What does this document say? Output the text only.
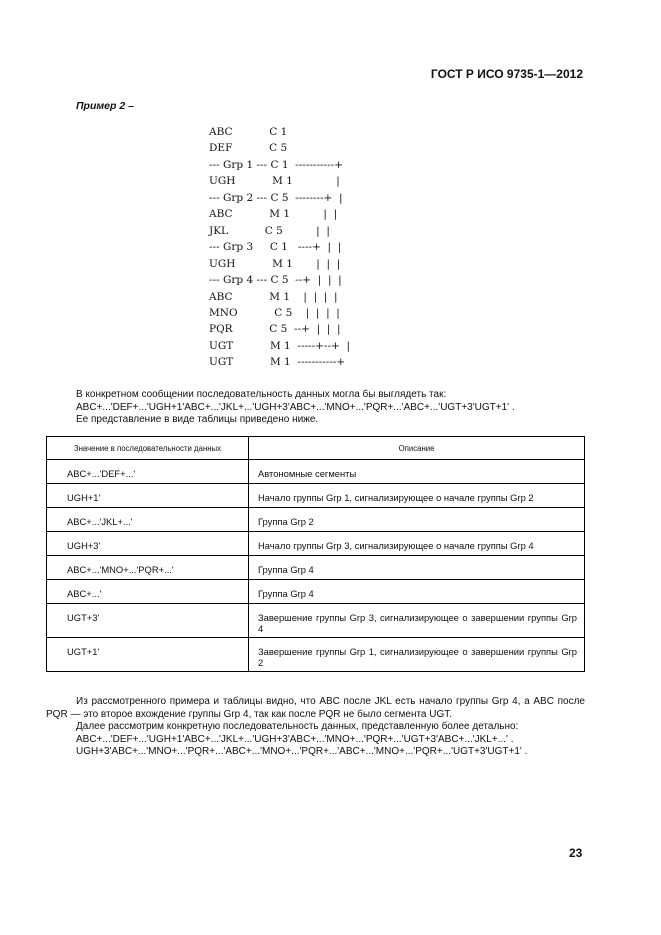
ГОСТ Р ИСО 9735-1—2012
Пример 2 –
ABC           C 1
DEF           C 5
--- Grp 1 --- C 1  -----------+
UGH           M 1             |
--- Grp 2 --- C 5  --------+  |
ABC           M 1          |  |
JKL           C 5          |  |
--- Grp 3     C 1   ----+  |  |
UGH           M 1       |  |  |
--- Grp 4 --- C 5  --+  |  |  |
ABC           M 1    |  |  |  |
MNO           C 5    |  |  |  |
PQR           C 5  --+  |  |  |
UGT           M 1  -----+--+  |
UGT           M 1  -----------+
В конкретном сообщении последовательность данных могла бы выглядеть так:
ABC+...'DEF+...'UGH+1'ABC+...'JKL+...'UGH+3'ABC+...'MNO+...'PQR+...'ABC+...'UGT+3'UGT+1' .
Ее представление в виде таблицы приведено ниже.
Значение в последовательности данных	Описание
ABC+...'DEF+...'	Автономные сегменты
UGH+1'	Начало группы Grp 1, сигнализирующее о начале группы Grp 2
ABC+...'JKL+...'	Группа Grp 2
UGH+3'	Начало группы Grp 3, сигнализирующее о начале группы Grp 4
ABC+...'MNO+...'PQR+...'	Группа Grp 4
ABC+...'	Группа Grp 4
UGT+3'	Завершение группы Grp 3, сигнализирующее о завершении группы Grp 4
UGT+1'	Завершение группы Grp 1, сигнализирующее о завершении группы Grp 2
Из рассмотренного примера и таблицы видно, что ABC после JKL есть начало группы Grp 4, а ABC после PQR — это второе вхождение группы Grp 4, так как после PQR не было сегмента UGT.
Далее рассмотрим конкретную последовательность данных, представленную более детально:
ABC+...'DEF+...'UGH+1'ABC+...'JKL+...'UGH+3'ABC+...'MNO+...'PQR+...'UGT+3'ABC+...'JKL+...' .
UGH+3'ABC+...'MNO+...'PQR+...'ABC+...'MNO+...'PQR+...'ABC+...'MNO+...'PQR+...'UGT+3'UGT+1' .
23
